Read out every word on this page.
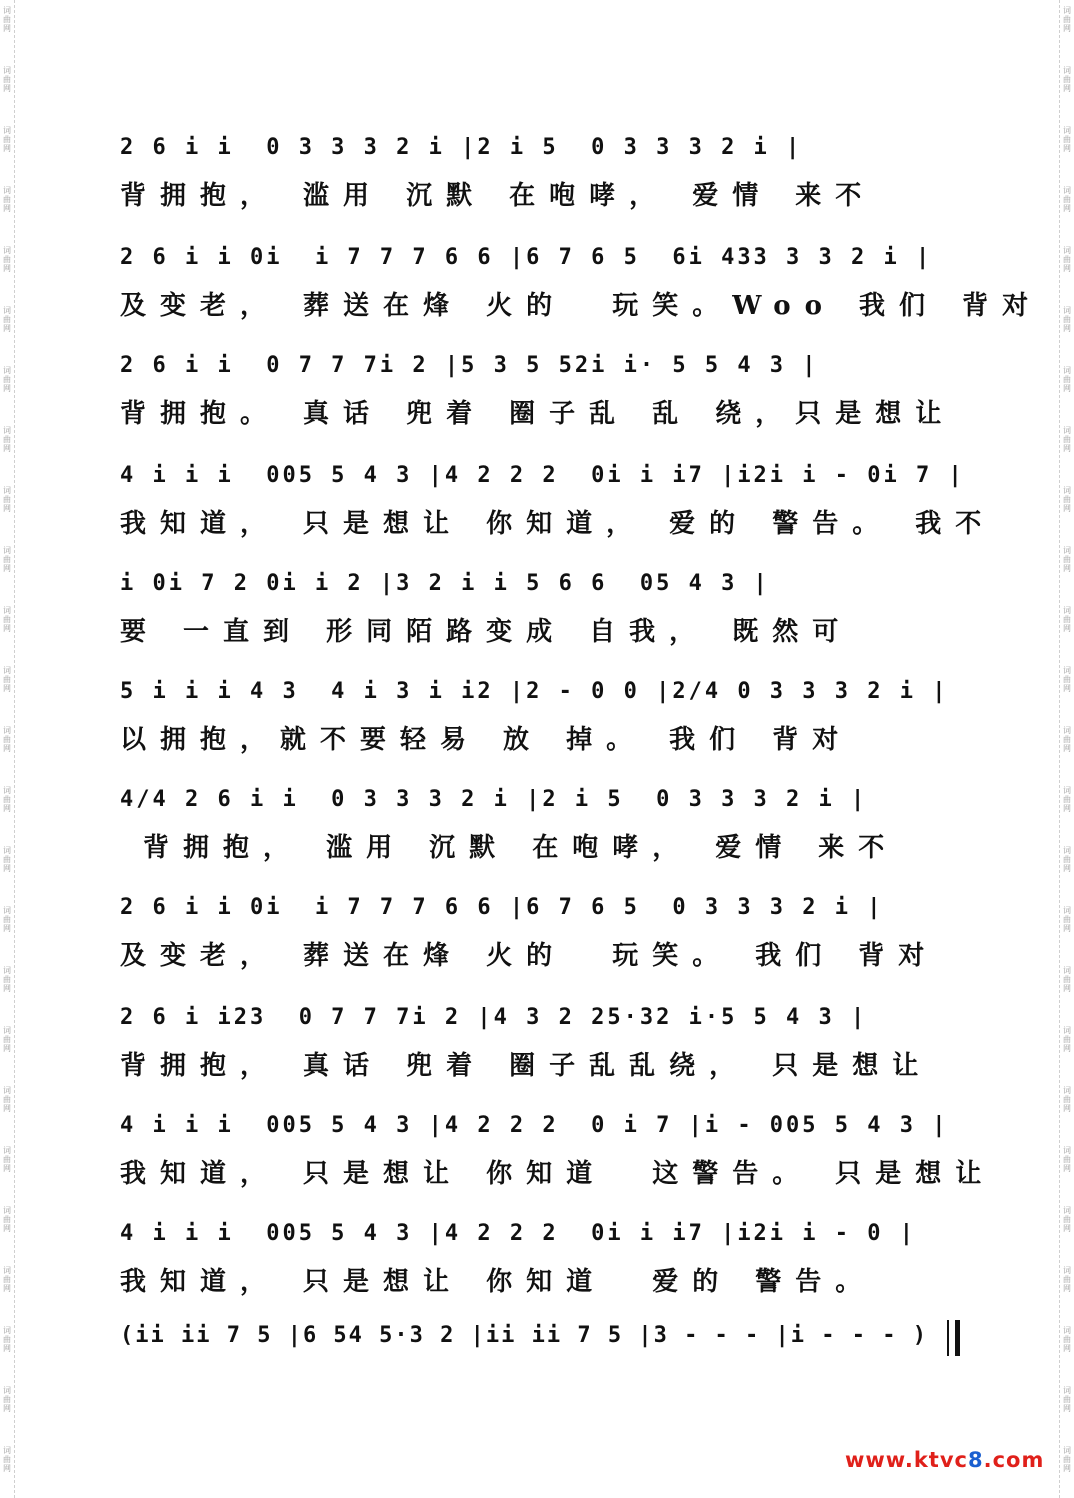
词
曲
网
词
曲
网
词
曲
网
词
曲
网
词
曲
网
词
曲
网
词
曲
网
词
曲
网
词
曲
网
词
曲
网
词
曲
网
词
曲
网
词
曲
网
词
曲
网
词
曲
网
词
曲
网
词
曲
网
词
曲
网
词
曲
网
词
曲
网
词
曲
网
词
曲
网
词
曲
网
词
曲
网
词
曲
网
词
曲
网
词
曲
网
词
曲
网
词
曲
网
词
曲
网
词
曲
网
词
曲
网
词
曲
网
词
曲
网
词
曲
网
词
曲
网
词
曲
网
词
曲
网
词
曲
网
词
曲
网
词
曲
网
词
曲
网
词
曲
网
词
曲
网
词
曲
网
词
曲
网
词
曲
网
词
曲
网
词
曲
网
词
曲
网
2 6 i i  0 3 3 3 2 i |2 i 5  0 3 3 3 2 i |
背拥抱， 滥用 沉默 在咆哮， 爱情 来不
2 6 i i 0i  i 7 7 7 6 6 |6 7 6 5  6i 433 3 3 2 i |
及变老， 葬送在烽 火的  玩笑。Woo 我们 背对
2 6 i i  0 7 7 7i 2 |5 3 5 52i i· 5 5 4 3 |
背拥抱。 真话 兜着 圈子乱 乱 绕，只是想让
4 i i i  005 5 4 3 |4 2 2 2  0i i i7 |i2i i - 0i 7 |
我知道， 只是想让 你知道， 爱的 警告。 我不
i 0i 7 2 0i i 2 |3 2 i i 5 6 6  05 4 3 |
要 一直到 形同陌路变成 自我， 既然可
5 i i i 4 3  4 i 3 i i2 |2 - 0 0 |2/4 0 3 3 3 2 i |
以拥抱，就不要轻易 放 掉。 我们 背对
4/4 2 6 i i  0 3 3 3 2 i |2 i 5  0 3 3 3 2 i |
背拥抱， 滥用 沉默 在咆哮， 爱情 来不
2 6 i i 0i  i 7 7 7 6 6 |6 7 6 5  0 3 3 3 2 i |
及变老， 葬送在烽 火的  玩笑。 我们 背对
2 6 i i23  0 7 7 7i 2 |4 3 2 25·32 i·5 5 4 3 |
背拥抱， 真话 兜着 圈子乱乱绕， 只是想让
4 i i i  005 5 4 3 |4 2 2 2  0 i 7 |i - 005 5 4 3 |
我知道， 只是想让 你知道  这警告。 只是想让
4 i i i  005 5 4 3 |4 2 2 2  0i i i7 |i2i i - 0 |
我知道， 只是想让 你知道  爱的 警告。
(ii ii 7 5 |6 54 5·3 2 |ii ii 7 5 |3 - - - |i - - - )
www.ktvc8.com
